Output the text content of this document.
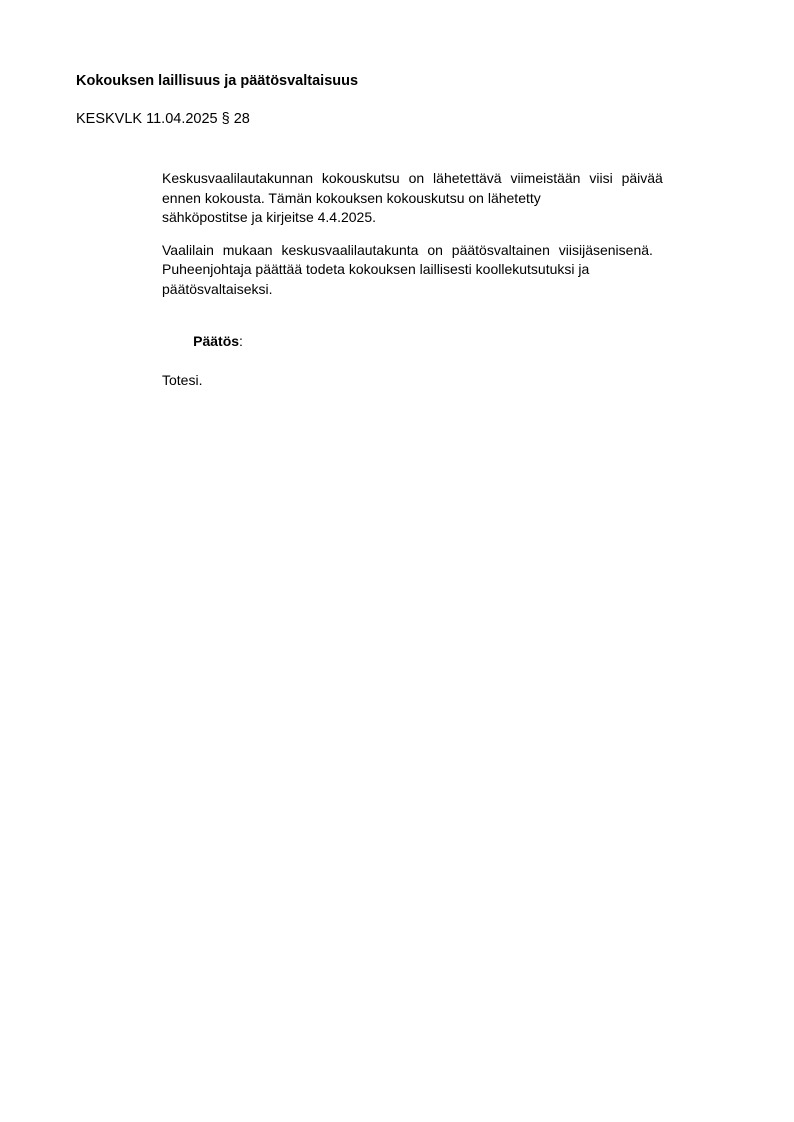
Kokouksen laillisuus ja päätösvaltaisuus
KESKVLK 11.04.2025 § 28
Keskusvaalilautakunnan kokouskutsu on lähetettävä viimeistään viisi päivää
ennen kokousta. Tämän kokouksen kokouskutsu on lähetetty
sähköpostitse ja kirjeitse 4.4.2025.
Vaalilain mukaan keskusvaalilautakunta on päätösvaltainen viisijäsenisenä.
Puheenjohtaja päättää todeta kokouksen laillisesti koollekutsutuksi ja
päätösvaltaiseksi.

Päätös:

Totesi.
